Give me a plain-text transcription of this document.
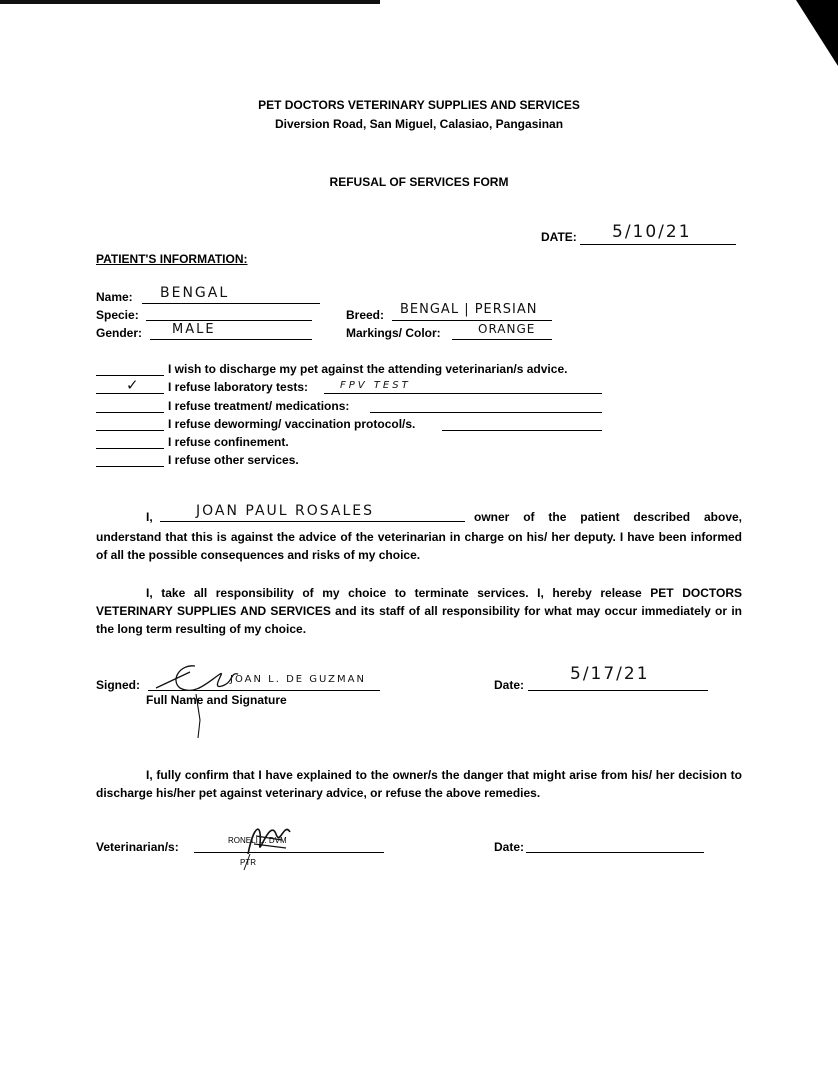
PET DOCTORS VETERINARY SUPPLIES AND SERVICES
Diversion Road, San Miguel, Calasiao, Pangasinan
REFUSAL OF SERVICES FORM
DATE: 5/10/21
PATIENT'S INFORMATION:
Name: BENGAL
Specie:
Gender: MALE
Breed: BENGAL | PERSIAN
Markings/ Color:	ORANGE
I wish to discharge my pet against the attending veterinarian/s advice.
✓ I refuse laboratory tests:	FPV TEST
I refuse treatment/ medications:
I refuse deworming/ vaccination protocol/s.
I refuse confinement.
I refuse other services.
I,	JOAN PAUL ROSALES	owner of the patient described above,

understand that this is against the advice of the veterinarian in charge on his/ her deputy. I have been informed of all the possible consequences and risks of my choice.

I, take all responsibility of my choice to terminate services. I, hereby release PET DOCTORS VETERINARY SUPPLIES AND SERVICES and its staff of all responsibility for what may occur immediately or in the long term resulting of my choice.

Signed:	JOAN L. DE GUZMAN
Full Name and Signature
Date:
5/17/21

I, fully confirm that I have explained to the owner/s the danger that might arise from his/ her decision to discharge his/her pet against veterinary advice, or refuse the above remedies.

Veterinarian/s:	RONELI ... DVM
PTR
Date:
